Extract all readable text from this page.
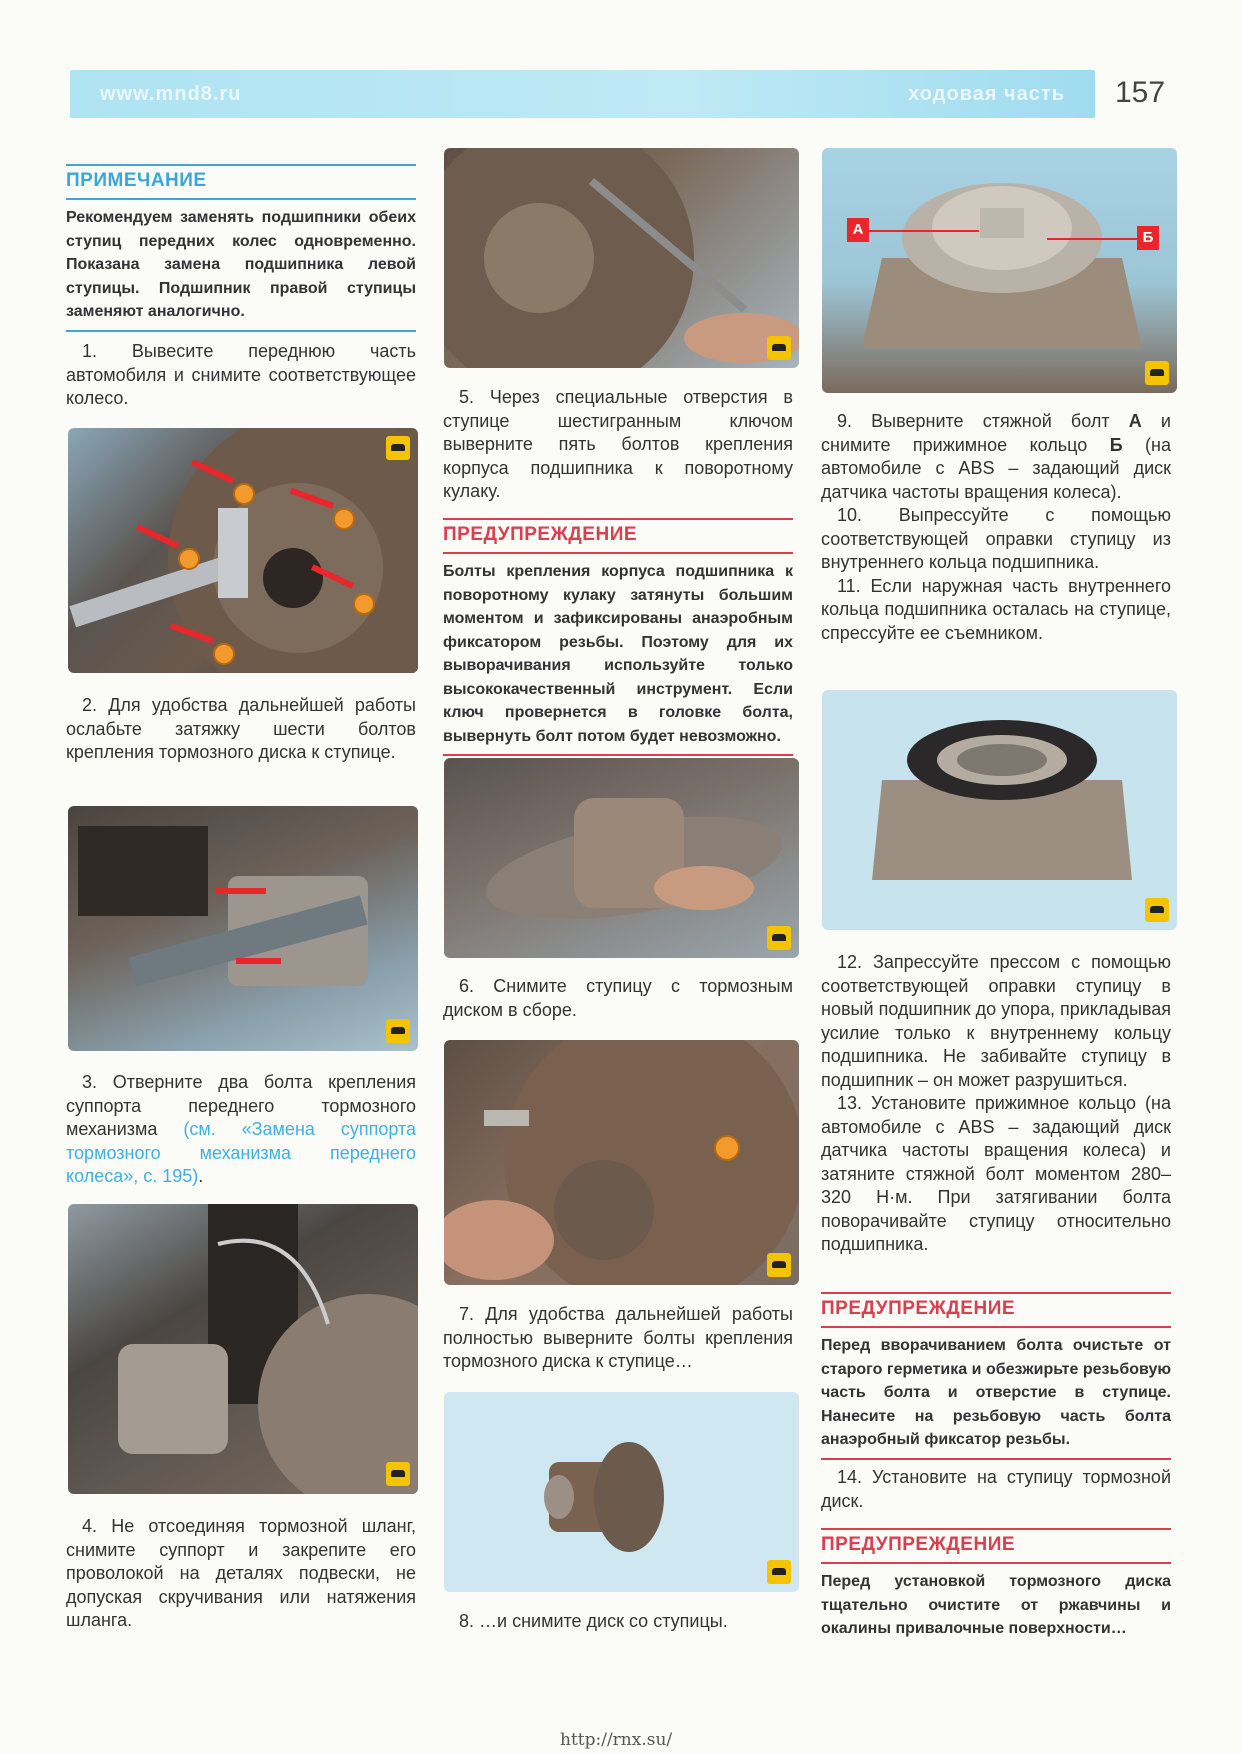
www.mnd8.ru	ходовая часть 157
ПРИМЕЧАНИЕ
Рекомендуем заменять подшипники обеих ступиц передних колес одновременно. Показана замена подшипника левой ступицы. Подшипник правой ступицы заменяют аналогично.
1. Вывесите переднюю часть автомобиля и снимите соответствующее колесо.
2. Для удобства дальнейшей работы ослабьте затяжку шести болтов крепления тормозного диска к ступице.
3. Отверните два болта крепления суппорта переднего тормозного механизма (см. «Замена суппорта тормозного механизма переднего колеса», с. 195).
4. Не отсоединяя тормозной шланг, снимите суппорт и закрепите его проволокой на деталях подвески, не допуская скручивания или натяжения шланга.
5. Через специальные отверстия в ступице шестигранным ключом выверните пять болтов крепления корпуса подшипника к поворотному кулаку.
ПРЕДУПРЕЖДЕНИЕ
Болты крепления корпуса подшипника к поворотному кулаку затянуты большим моментом и зафиксированы анаэробным фиксатором резьбы. Поэтому для их выворачивания используйте только высококачественный инструмент. Если ключ провернется в головке болта, вывернуть болт потом будет невозможно.
6. Снимите ступицу с тормозным диском в сборе.
7. Для удобства дальнейшей работы полностью выверните болты крепления тормозного диска к ступице…
8. …и снимите диск со ступицы.
А	Б
9. Выверните стяжной болт А и снимите прижимное кольцо Б (на автомобиле с ABS – задающий диск датчика частоты вращения колеса).
10. Выпрессуйте с помощью соответствующей оправки ступицу из внутреннего кольца подшипника.
11. Если наружная часть внутреннего кольца подшипника осталась на ступице, спрессуйте ее съемником.
12. Запрессуйте прессом с помощью соответствующей оправки ступицу в новый подшипник до упора, прикладывая усилие только к внутреннему кольцу подшипника. Не забивайте ступицу в подшипник – он может разрушиться.
13. Установите прижимное кольцо (на автомобиле с ABS – задающий диск датчика частоты вращения колеса) и затяните стяжной болт моментом 280–320 Н·м. При затягивании болта поворачивайте ступицу относительно подшипника.
ПРЕДУПРЕЖДЕНИЕ
Перед вворачиванием болта очистьте от старого герметика и обезжирьте резьбовую часть болта и отверстие в ступице. Нанесите на резьбовую часть болта анаэробный фиксатор резьбы.
14. Установите на ступицу тормозной диск.
ПРЕДУПРЕЖДЕНИЕ
Перед установкой тормозного диска тщательно очистите от ржавчины и окалины привалочные поверхности…
http://rnx.su/
